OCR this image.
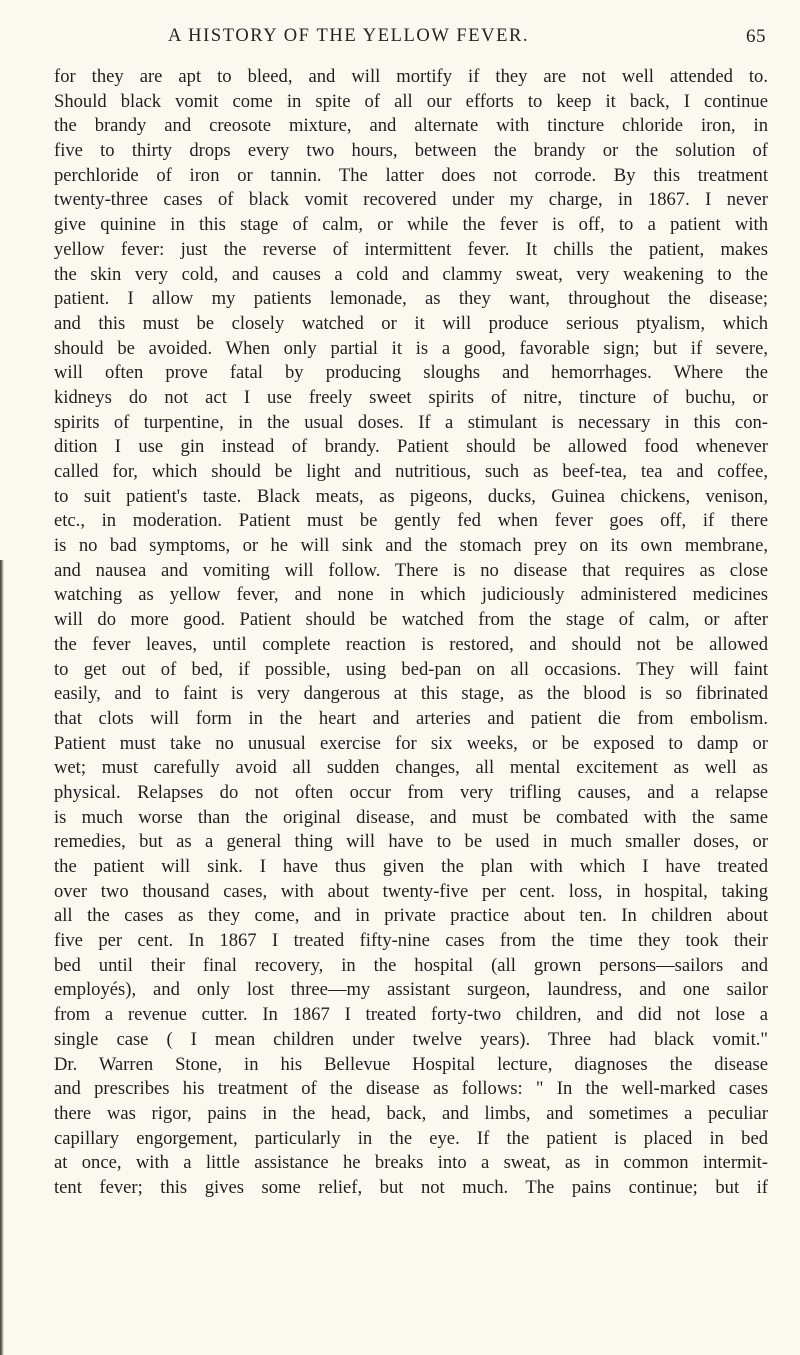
A HISTORY OF THE YELLOW FEVER.	65
for they are apt to bleed, and will mortify if they are not well attended to.
Should black vomit come in spite of all our efforts to keep it back, I continue
the brandy and creosote mixture, and alternate with tincture chloride iron, in
five to thirty drops every two hours, between the brandy or the solution of
perchloride of iron or tannin. The latter does not corrode. By this treatment
twenty-three cases of black vomit recovered under my charge, in 1867. I never
give quinine in this stage of calm, or while the fever is off, to a patient with
yellow fever: just the reverse of intermittent fever. It chills the patient, makes
the skin very cold, and causes a cold and clammy sweat, very weakening to the
patient. I allow my patients lemonade, as they want, throughout the disease;
and this must be closely watched or it will produce serious ptyalism, which
should be avoided. When only partial it is a good, favorable sign; but if severe,
will often prove fatal by producing sloughs and hemorrhages. Where the
kidneys do not act I use freely sweet spirits of nitre, tincture of buchu, or
spirits of turpentine, in the usual doses. If a stimulant is necessary in this con-
dition I use gin instead of brandy. Patient should be allowed food whenever
called for, which should be light and nutritious, such as beef-tea, tea and coffee,
to suit patient's taste. Black meats, as pigeons, ducks, Guinea chickens, venison,
etc., in moderation. Patient must be gently fed when fever goes off, if there
is no bad symptoms, or he will sink and the stomach prey on its own membrane,
and nausea and vomiting will follow. There is no disease that requires as close
watching as yellow fever, and none in which judiciously administered medicines
will do more good. Patient should be watched from the stage of calm, or after
the fever leaves, until complete reaction is restored, and should not be allowed
to get out of bed, if possible, using bed-pan on all occasions. They will faint
easily, and to faint is very dangerous at this stage, as the blood is so fibrinated
that clots will form in the heart and arteries and patient die from embolism.
Patient must take no unusual exercise for six weeks, or be exposed to damp or
wet; must carefully avoid all sudden changes, all mental excitement as well as
physical. Relapses do not often occur from very trifling causes, and a relapse
is much worse than the original disease, and must be combated with the same
remedies, but as a general thing will have to be used in much smaller doses, or
the patient will sink. I have thus given the plan with which I have treated
over two thousand cases, with about twenty-five per cent. loss, in hospital, taking
all the cases as they come, and in private practice about ten. In children about
five per cent. In 1867 I treated fifty-nine cases from the time they took their
bed until their final recovery, in the hospital (all grown persons—sailors and
employés), and only lost three—my assistant surgeon, laundress, and one sailor
from a revenue cutter. In 1867 I treated forty-two children, and did not lose a
single case ( I mean children under twelve years). Three had black vomit."
Dr. Warren Stone, in his Bellevue Hospital lecture, diagnoses the disease
and prescribes his treatment of the disease as follows: " In the well-marked cases
there was rigor, pains in the head, back, and limbs, and sometimes a peculiar
capillary engorgement, particularly in the eye. If the patient is placed in bed
at once, with a little assistance he breaks into a sweat, as in common intermit-
tent fever; this gives some relief, but not much. The pains continue; but if
